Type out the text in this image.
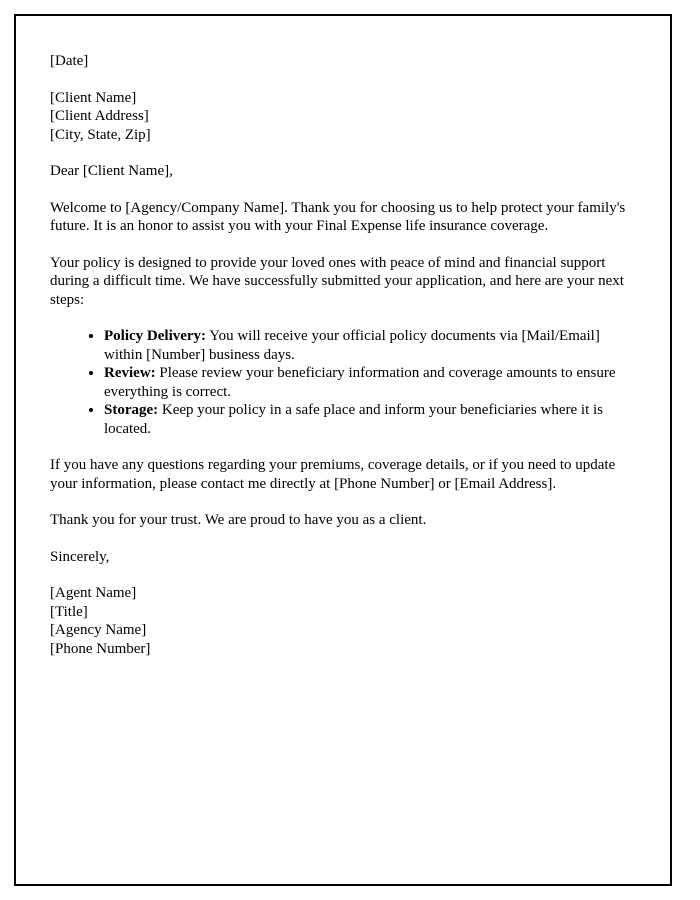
[Date]

[Client Name]
[Client Address]
[City, State, Zip]

Dear [Client Name],

Welcome to [Agency/Company Name]. Thank you for choosing us to help protect your family's future. It is an honor to assist you with your Final Expense life insurance coverage.

Your policy is designed to provide your loved ones with peace of mind and financial support during a difficult time. We have successfully submitted your application, and here are your next steps:

• Policy Delivery: You will receive your official policy documents via [Mail/Email] within [Number] business days.
• Review: Please review your beneficiary information and coverage amounts to ensure everything is correct.
• Storage: Keep your policy in a safe place and inform your beneficiaries where it is located.

If you have any questions regarding your premiums, coverage details, or if you need to update your information, please contact me directly at [Phone Number] or [Email Address].

Thank you for your trust. We are proud to have you as a client.

Sincerely,

[Agent Name]
[Title]
[Agency Name]
[Phone Number]
